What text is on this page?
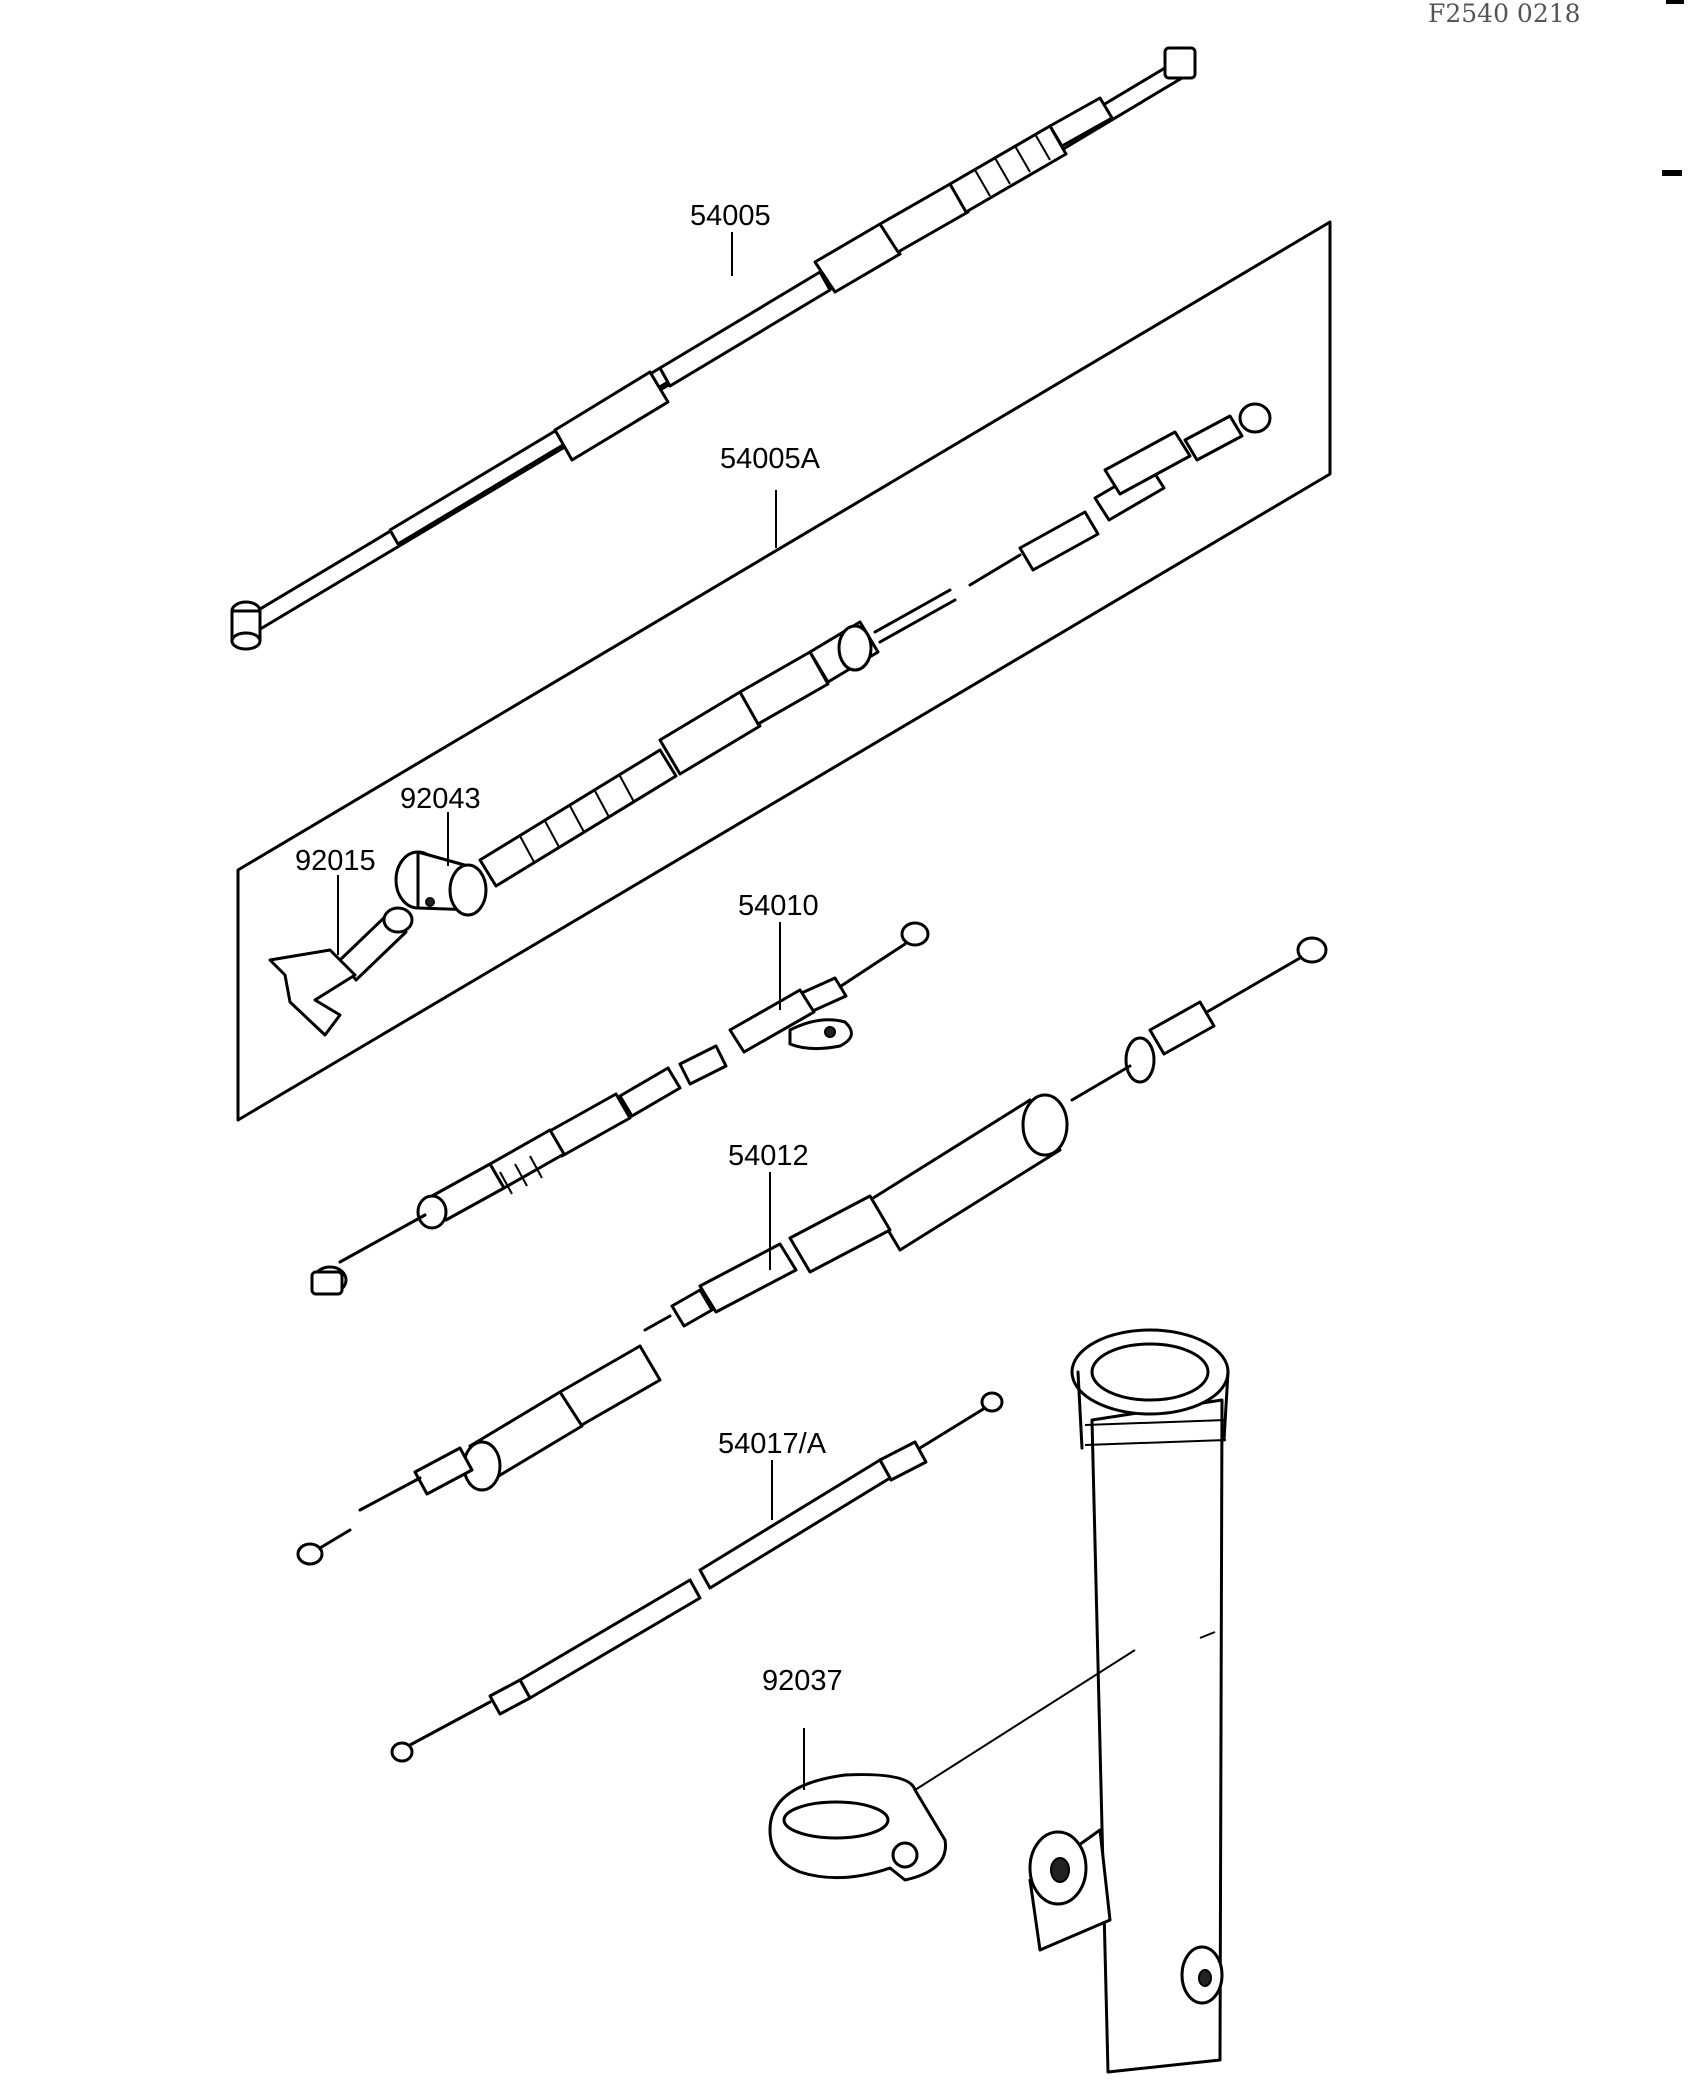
F2540 0218
54005
54005A
92043
92015
54010
54012
54017/A
92037
